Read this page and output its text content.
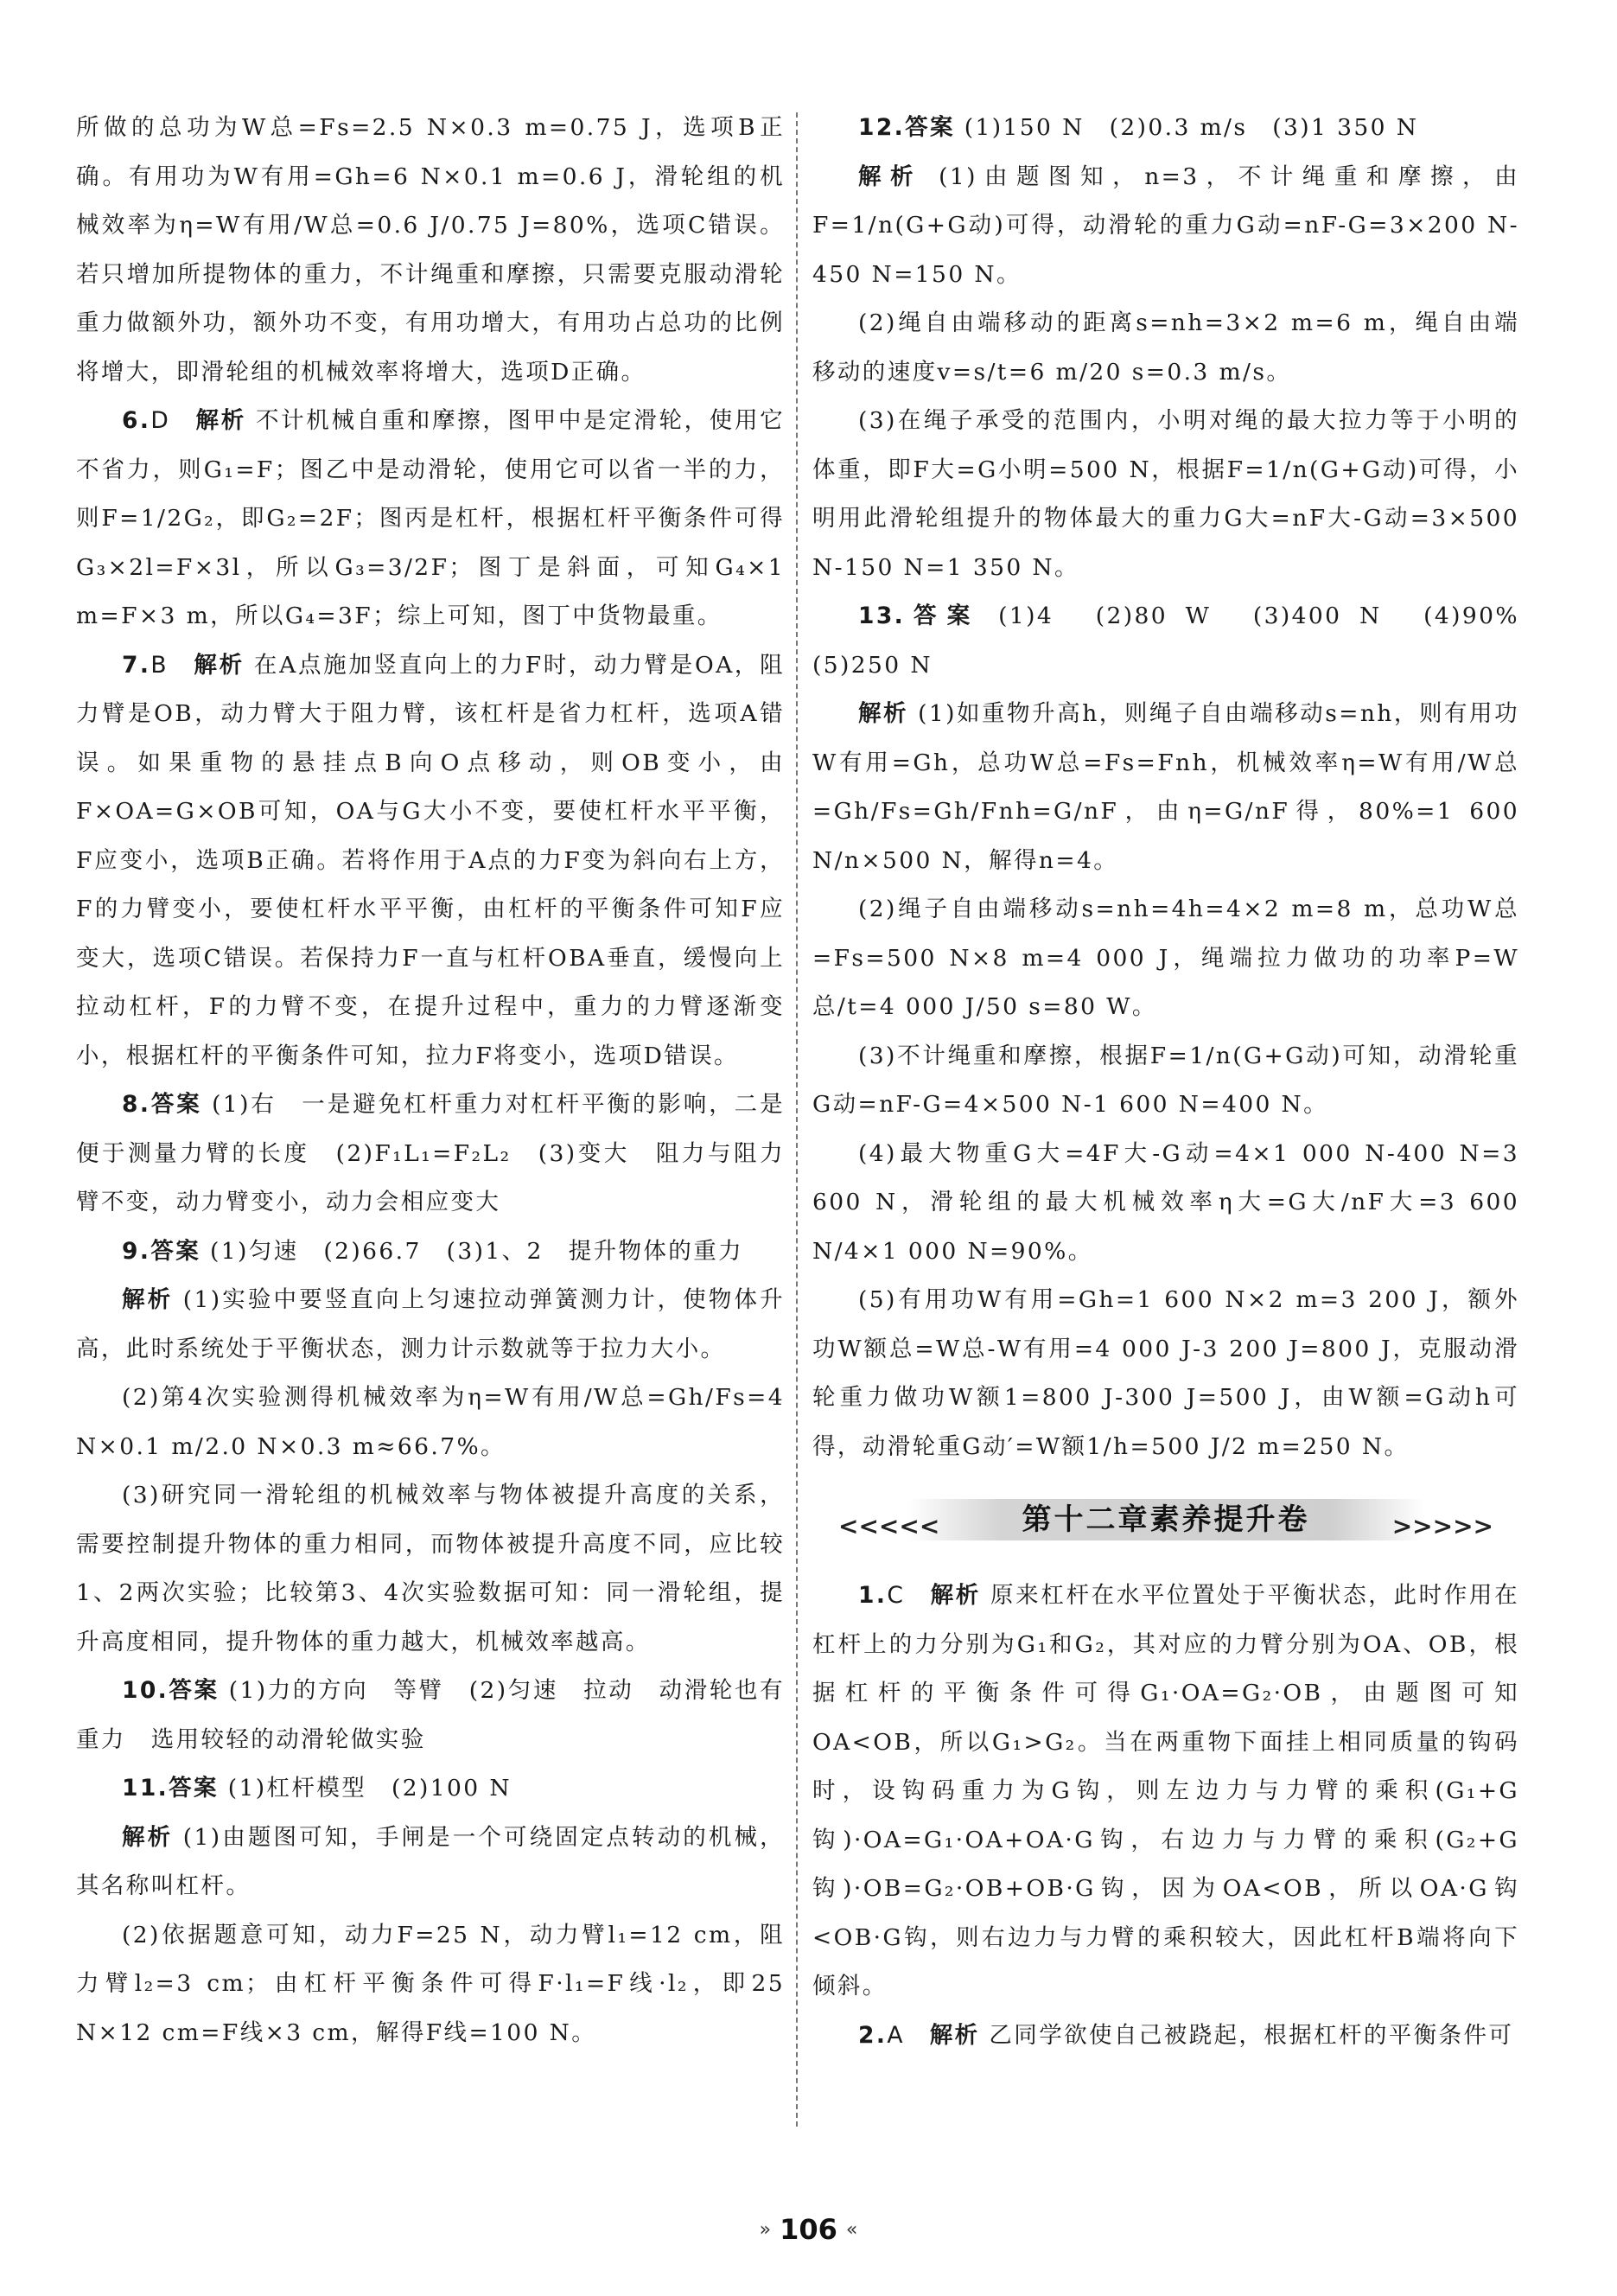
所做的总功为W总=Fs=2.5 N×0.3 m=0.75 J，选项B正确。有用功为W有用=Gh=6 N×0.1 m=0.6 J，滑轮组的机械效率为η=W有用/W总=0.6 J/0.75 J=80%，选项C错误。若只增加所提物体的重力，不计绳重和摩擦，只需要克服动滑轮重力做额外功，额外功不变，有用功增大，有用功占总功的比例将增大，即滑轮组的机械效率将增大，选项D正确。
6.D　 解析 不计机械自重和摩擦，图甲中是定滑轮，使用它不省力，则G₁=F；图乙中是动滑轮，使用它可以省一半的力，则F=1/2G₂，即G₂=2F；图丙是杠杆，根据杠杆平衡条件可得G₃×2l=F×3l，所以G₃=3/2F；图丁是斜面，可知G₄×1 m=F×3 m，所以G₄=3F；综上可知，图丁中货物最重。
7.B　 解析 在A点施加竖直向上的力F时，动力臂是OA，阻力臂是OB，动力臂大于阻力臂，该杠杆是省力杠杆，选项A错误。如果重物的悬挂点B向O点移动，则OB变小，由F×OA=G×OB可知，OA与G大小不变，要使杠杆水平平衡，F应变小，选项B正确。若将作用于A点的力F变为斜向右上方，F的力臂变小，要使杠杆水平平衡，由杠杆的平衡条件可知F应变大，选项C错误。若保持力F一直与杠杆OBA垂直，缓慢向上拉动杠杆，F的力臂不变，在提升过程中，重力的力臂逐渐变小，根据杠杆的平衡条件可知，拉力F将变小，选项D错误。
8.答案 (1)右　一是避免杠杆重力对杠杆平衡的影响，二是便于测量力臂的长度　(2)F₁L₁=F₂L₂　(3)变大　阻力与阻力臂不变，动力臂变小，动力会相应变大
9.答案 (1)匀速　(2)66.7　(3)1、2　提升物体的重力
解析 (1)实验中要竖直向上匀速拉动弹簧测力计，使物体升高，此时系统处于平衡状态，测力计示数就等于拉力大小。
(2)第4次实验测得机械效率为η=W有用/W总=Gh/Fs=4 N×0.1 m/2.0 N×0.3 m≈66.7%。
(3)研究同一滑轮组的机械效率与物体被提升高度的关系，需要控制提升物体的重力相同，而物体被提升高度不同，应比较1、2两次实验；比较第3、4次实验数据可知：同一滑轮组，提升高度相同，提升物体的重力越大，机械效率越高。
10.答案 (1)力的方向　等臂　(2)匀速　拉动　动滑轮也有重力　选用较轻的动滑轮做实验
11.答案 (1)杠杆模型　(2)100 N
解析 (1)由题图可知，手闸是一个可绕固定点转动的机械，其名称叫杠杆。
(2)依据题意可知，动力F=25 N，动力臂l₁=12 cm，阻力臂l₂=3 cm；由杠杆平衡条件可得F·l₁=F线·l₂，即25 N×12 cm=F线×3 cm，解得F线=100 N。
12.答案 (1)150 N　(2)0.3 m/s　(3)1 350 N
解析 (1)由题图知，n=3，不计绳重和摩擦，由F=1/n(G+G动)可得，动滑轮的重力G动=nF-G=3×200 N-450 N=150 N。
(2)绳自由端移动的距离s=nh=3×2 m=6 m，绳自由端移动的速度v=s/t=6 m/20 s=0.3 m/s。
(3)在绳子承受的范围内，小明对绳的最大拉力等于小明的体重，即F大=G小明=500 N，根据F=1/n(G+G动)可得，小明用此滑轮组提升的物体最大的重力G大=nF大-G动=3×500 N-150 N=1 350 N。
13.答案 (1)4　(2)80 W　(3)400 N　(4)90%　(5)250 N
解析 (1)如重物升高h，则绳子自由端移动s=nh，则有用功W有用=Gh，总功W总=Fs=Fnh，机械效率η=W有用/W总=Gh/Fs=Gh/Fnh=G/nF，由η=G/nF得，80%=1 600 N/n×500 N，解得n=4。
(2)绳子自由端移动s=nh=4h=4×2 m=8 m，总功W总=Fs=500 N×8 m=4 000 J，绳端拉力做功的功率P=W总/t=4 000 J/50 s=80 W。
(3)不计绳重和摩擦，根据F=1/n(G+G动)可知，动滑轮重G动=nF-G=4×500 N-1 600 N=400 N。
(4)最大物重G大=4F大-G动=4×1 000 N-400 N=3 600 N，滑轮组的最大机械效率η大=G大/nF大=3 600 N/4×1 000 N=90%。
(5)有用功W有用=Gh=1 600 N×2 m=3 200 J，额外功W额总=W总-W有用=4 000 J-3 200 J=800 J，克服动滑轮重力做功W额1=800 J-300 J=500 J，由W额=G动h可得，动滑轮重G动′=W额1/h=500 J/2 m=250 N。
<<<<<	第十二章素养提升卷	>>>>>
1.C　 解析 原来杠杆在水平位置处于平衡状态，此时作用在杠杆上的力分别为G₁和G₂，其对应的力臂分别为OA、OB，根据杠杆的平衡条件可得G₁·OA=G₂·OB，由题图可知OA<OB，所以G₁>G₂。当在两重物下面挂上相同质量的钩码时，设钩码重力为G钩，则左边力与力臂的乘积(G₁+G钩)·OA=G₁·OA+OA·G钩，右边力与力臂的乘积(G₂+G钩)·OB=G₂·OB+OB·G钩，因为OA<OB，所以OA·G钩<OB·G钩，则右边力与力臂的乘积较大，因此杠杆B端将向下倾斜。
2.A　 解析 乙同学欲使自己被跷起，根据杠杆的平衡条件可
» 106 «
